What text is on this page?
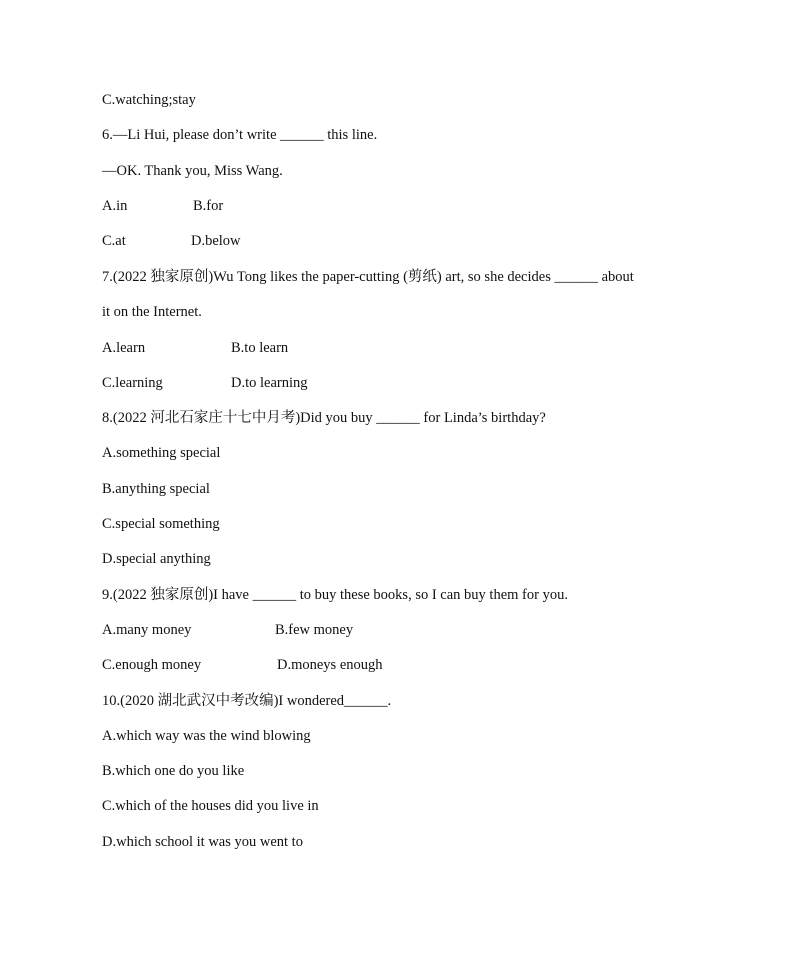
C.watching;stay
6.—Li Hui, please don’t write ______ this line.
—OK. Thank you, Miss Wang.
A.in	B.for
C.at	D.below
7.(2022 独家原创)Wu Tong likes the paper-cutting (剪纸) art, so she decides ______ about
it on the Internet.
A.learn	B.to learn
C.learning	D.to learning
8.(2022 河北石家庄十七中月考)Did you buy ______ for Linda’s birthday?
A.something special
B.anything special
C.special something
D.special anything
9.(2022 独家原创)I have ______ to buy these books, so I can buy them for you.
A.many money	B.few money
C.enough money	D.moneys enough
10.(2020 湖北武汉中考改编)I wondered______.
A.which way was the wind blowing
B.which one do you like
C.which of the houses did you live in
D.which school it was you went to
